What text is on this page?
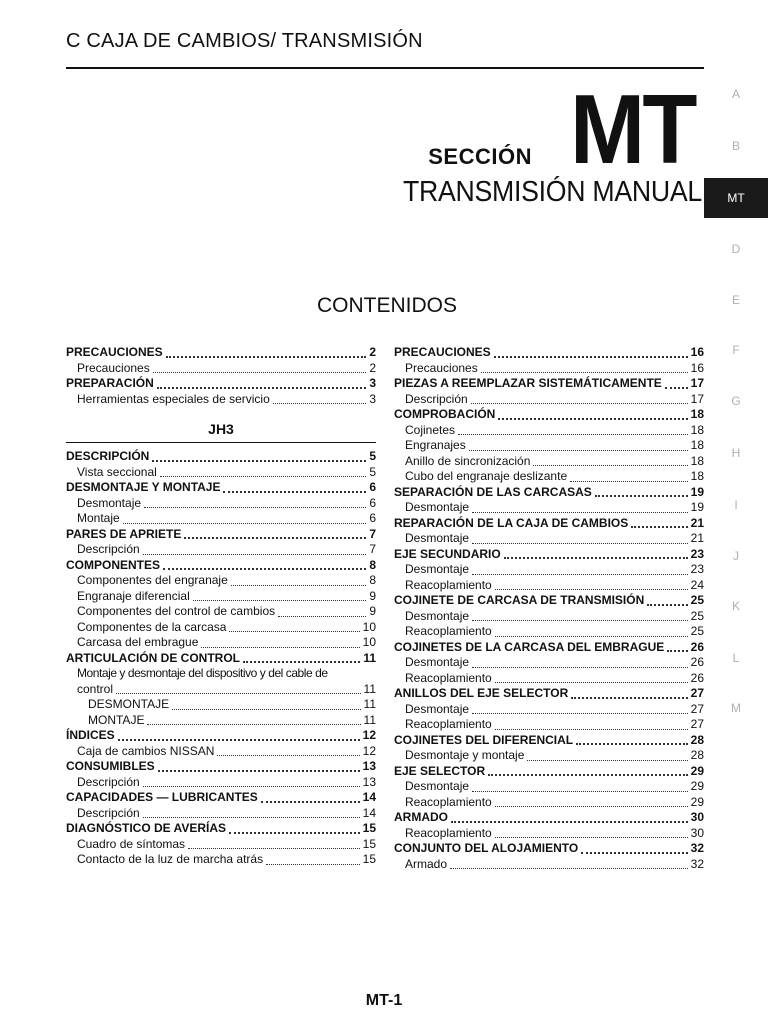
C CAJA DE CAMBIOS/ TRANSMISIÓN
A
B
MT
D
E
F
G
H
I
J
K
L
M
SECCIÓN MT
TRANSMISIÓN MANUAL
CONTENIDOS
PRECAUCIONES	2
Precauciones	2
PREPARACIÓN	3
Herramientas especiales de servicio	3
JH3
DESCRIPCIÓN	5
Vista seccional	5
DESMONTAJE Y MONTAJE	6
Desmontaje	6
Montaje	6
PARES DE APRIETE	7
Descripción	7
COMPONENTES	8
Componentes del engranaje	8
Engranaje diferencial	9
Componentes del control de cambios	9
Componentes de la carcasa	10
Carcasa del embrague	10
ARTICULACIÓN DE CONTROL	11
Montaje y desmontaje del dispositivo y del cable de
control	11
DESMONTAJE	11
MONTAJE	11
ÍNDICES	12
Caja de cambios NISSAN	12
CONSUMIBLES	13
Descripción	13
CAPACIDADES — LUBRICANTES	14
Descripción	14
DIAGNÓSTICO DE AVERÍAS	15
Cuadro de síntomas	15
Contacto de la luz de marcha atrás	15
PRECAUCIONES	16
Precauciones	16
PIEZAS A REEMPLAZAR SISTEMÁTICAMENTE 17
Descripción	17
COMPROBACIÓN	18
Cojinetes	18
Engranajes	18
Anillo de sincronización	18
Cubo del engranaje deslizante	18
SEPARACIÓN DE LAS CARCASAS	19
Desmontaje	19
REPARACIÓN DE LA CAJA DE CAMBIOS	21
Desmontaje	21
EJE SECUNDARIO	23
Desmontaje	23
Reacoplamiento	24
COJINETE DE CARCASA DE TRANSMISIÓN	25
Desmontaje	25
Reacoplamiento	25
COJINETES DE LA CARCASA DEL EMBRAGUE 26
Desmontaje	26
Reacoplamiento	26
ANILLOS DEL EJE SELECTOR	27
Desmontaje	27
Reacoplamiento	27
COJINETES DEL DIFERENCIAL	28
Desmontaje y montaje	28
EJE SELECTOR	29
Desmontaje	29
Reacoplamiento	29
ARMADO	30
Reacoplamiento	30
CONJUNTO DEL ALOJAMIENTO	32
Armado	32
MT-1
